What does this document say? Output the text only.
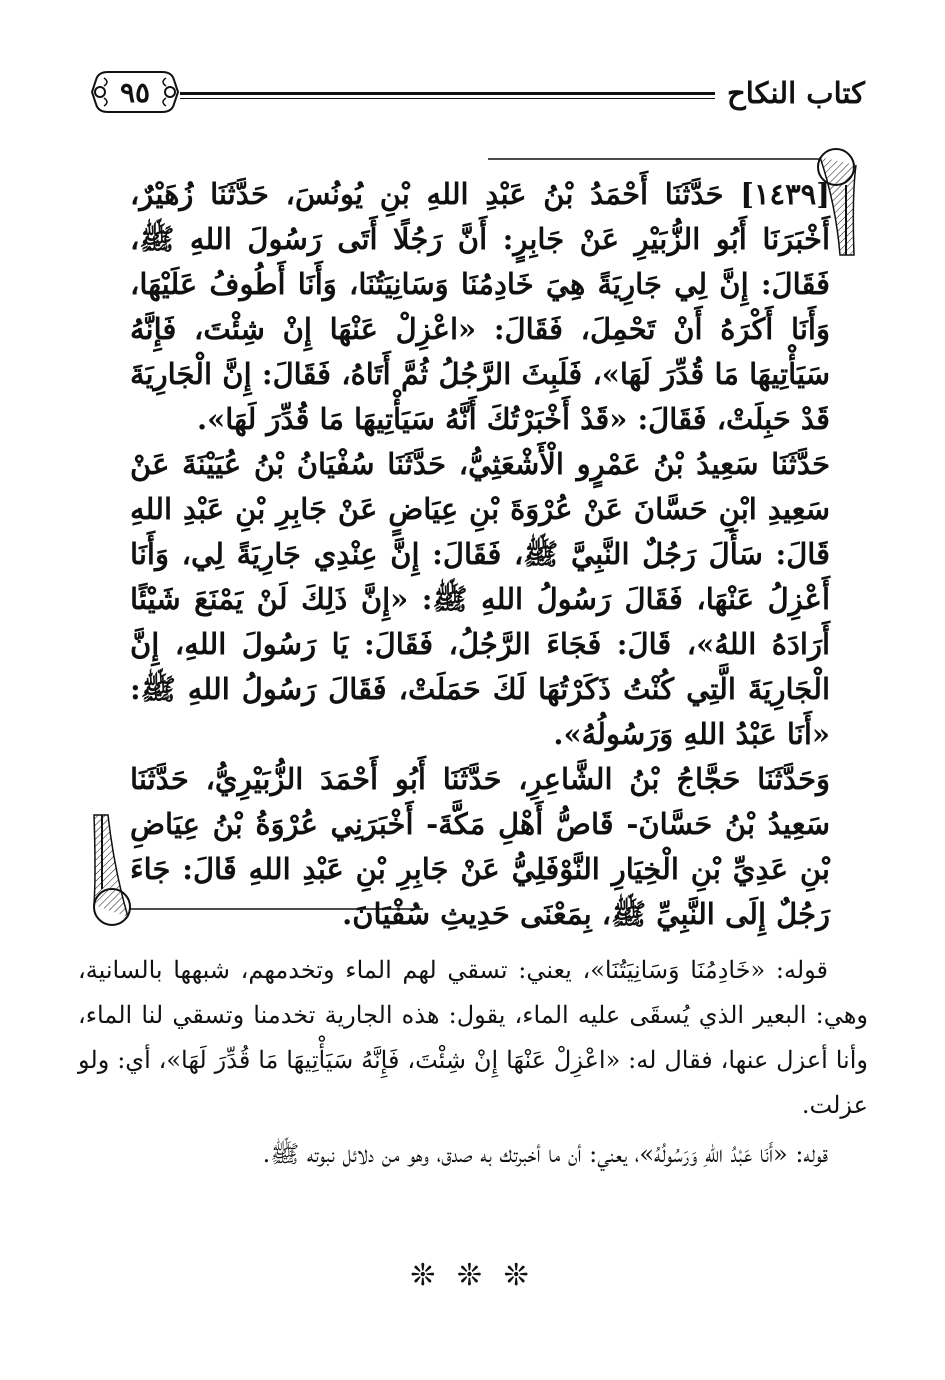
كتاب النكاح
٩٥

[١٤٣٩] حَدَّثَنَا أَحْمَدُ بْنُ عَبْدِ اللهِ بْنِ يُونُسَ، حَدَّثَنَا زُهَيْرٌ، أَخْبَرَنَا أَبُو الزُّبَيْرِ عَنْ جَابِرٍ: أَنَّ رَجُلًا أَتَى رَسُولَ اللهِ ﷺ، فَقَالَ: إِنَّ لِي جَارِيَةً هِيَ خَادِمُنَا وَسَانِيَتُنَا، وَأَنَا أَطُوفُ عَلَيْهَا، وَأَنَا أَكْرَهُ أَنْ تَحْمِلَ، فَقَالَ: «اعْزِلْ عَنْهَا إِنْ شِئْتَ، فَإِنَّهُ سَيَأْتِيهَا مَا قُدِّرَ لَهَا»، فَلَبِثَ الرَّجُلُ ثُمَّ أَتَاهُ، فَقَالَ: إِنَّ الْجَارِيَةَ قَدْ حَبِلَتْ، فَقَالَ: «قَدْ أَخْبَرْتُكَ أَنَّهُ سَيَأْتِيهَا مَا قُدِّرَ لَهَا».

حَدَّثَنَا سَعِيدُ بْنُ عَمْرٍو الْأَشْعَثِيُّ، حَدَّثَنَا سُفْيَانُ بْنُ عُيَيْنَةَ عَنْ سَعِيدِ ابْنِ حَسَّانَ عَنْ عُرْوَةَ بْنِ عِيَاضٍ عَنْ جَابِرِ بْنِ عَبْدِ اللهِ قَالَ: سَأَلَ رَجُلٌ النَّبِيَّ ﷺ، فَقَالَ: إِنَّ عِنْدِي جَارِيَةً لِي، وَأَنَا أَعْزِلُ عَنْهَا، فَقَالَ رَسُولُ اللهِ ﷺ: «إِنَّ ذَلِكَ لَنْ يَمْنَعَ شَيْئًا أَرَادَهُ اللهُ»، قَالَ: فَجَاءَ الرَّجُلُ، فَقَالَ: يَا رَسُولَ اللهِ، إِنَّ الْجَارِيَةَ الَّتِي كُنْتُ ذَكَرْتُهَا لَكَ حَمَلَتْ، فَقَالَ رَسُولُ اللهِ ﷺ: «أَنَا عَبْدُ اللهِ وَرَسُولُهُ».

وَحَدَّثَنَا حَجَّاجُ بْنُ الشَّاعِرِ، حَدَّثَنَا أَبُو أَحْمَدَ الزُّبَيْرِيُّ، حَدَّثَنَا سَعِيدُ بْنُ حَسَّانَ- قَاصُّ أَهْلِ مَكَّةَ- أَخْبَرَنِي عُرْوَةُ بْنُ عِيَاضِ بْنِ عَدِيِّ بْنِ الْخِيَارِ النَّوْفَلِيُّ عَنْ جَابِرِ بْنِ عَبْدِ اللهِ قَالَ: جَاءَ رَجُلٌ إِلَى النَّبِيِّ ﷺ، بِمَعْنَى حَدِيثِ سُفْيَانَ.

قوله: «خَادِمُنَا وَسَانِيَتُنَا»، يعني: تسقي لهم الماء وتخدمهم، شبهها بالسانية، وهي: البعير الذي يُسقَى عليه الماء، يقول: هذه الجارية تخدمنا وتسقي لنا الماء، وأنا أعزل عنها، فقال له: «اعْزِلْ عَنْهَا إِنْ شِئْتَ، فَإِنَّهُ سَيَأْتِيهَا مَا قُدِّرَ لَهَا»، أي: ولو عزلت.

قوله: «أَنَا عَبْدُ اللهِ وَرَسُولُهُ»، يعني: أن ما أخبرتك به صدق، وهو من دلائل نبوته ﷺ.

❊ ❊ ❊
